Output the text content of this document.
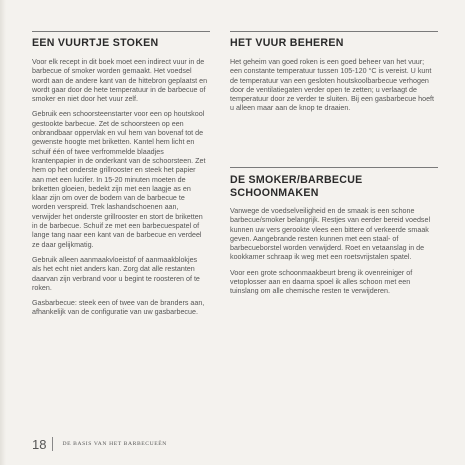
EEN VUURTJE STOKEN

Voor elk recept in dit boek moet een indirect vuur in de barbecue of smoker worden gemaakt. Het voedsel wordt aan de andere kant van de hittebron geplaatst en wordt gaar door de hete temperatuur in de barbecue of smoker en niet door het vuur zelf.

Gebruik een schoorsteenstarter voor een op houtskool gestookte barbecue. Zet de schoorsteen op een onbrandbaar oppervlak en vul hem van bovenaf tot de gewenste hoogte met briketten. Kantel hem licht en schuif één of twee verfrommelde blaadjes krantenpapier in de onderkant van de schoorsteen. Zet hem op het onderste grillrooster en steek het papier aan met een lucifer. In 15-20 minuten moeten de briketten gloeien, bedekt zijn met een laagje as en klaar zijn om over de bodem van de barbecue te worden verspreid. Trek lashandschoenen aan, verwijder het onderste grillrooster en stort de briketten in de barbecue. Schuif ze met een barbecuespatel of lange tang naar een kant van de barbecue en verdeel ze daar gelijkmatig.

Gebruik alleen aanmaakvloeistof of aanmaakblokjes als het echt niet anders kan. Zorg dat alle restanten daarvan zijn verbrand voor u begint te roosteren of te roken.

Gasbarbecue: steek een of twee van de branders aan, afhankelijk van de configuratie van uw gasbarbecue.

HET VUUR BEHEREN

Het geheim van goed roken is een goed beheer van het vuur; een constante temperatuur tussen 105-120 °C is vereist. U kunt de temperatuur van een gesloten houtskoolbarbecue verhogen door de ventilatiegaten verder open te zetten; u verlaagt de temperatuur door ze verder te sluiten. Bij een gasbarbecue hoeft u alleen maar aan de knop te draaien.

DE SMOKER/BARBECUE SCHOONMAKEN

Vanwege de voedselveiligheid en de smaak is een schone barbecue/smoker belangrijk. Restjes van eerder bereid voedsel kunnen uw vers gerookte vlees een bittere of verkeerde smaak geven. Aangebrande resten kunnen met een staal- of barbecueborstel worden verwijderd. Roet en vetaanslag in de kookkamer schraap ik weg met een roetsvrijstalen spatel.

Voor een grote schoonmaakbeurt breng ik ovenreiniger of vetoplosser aan en daarna spoel ik alles schoon met een tuinslang om alle chemische resten te verwijderen.

18	DE BASIS VAN HET BARBECUEËN
